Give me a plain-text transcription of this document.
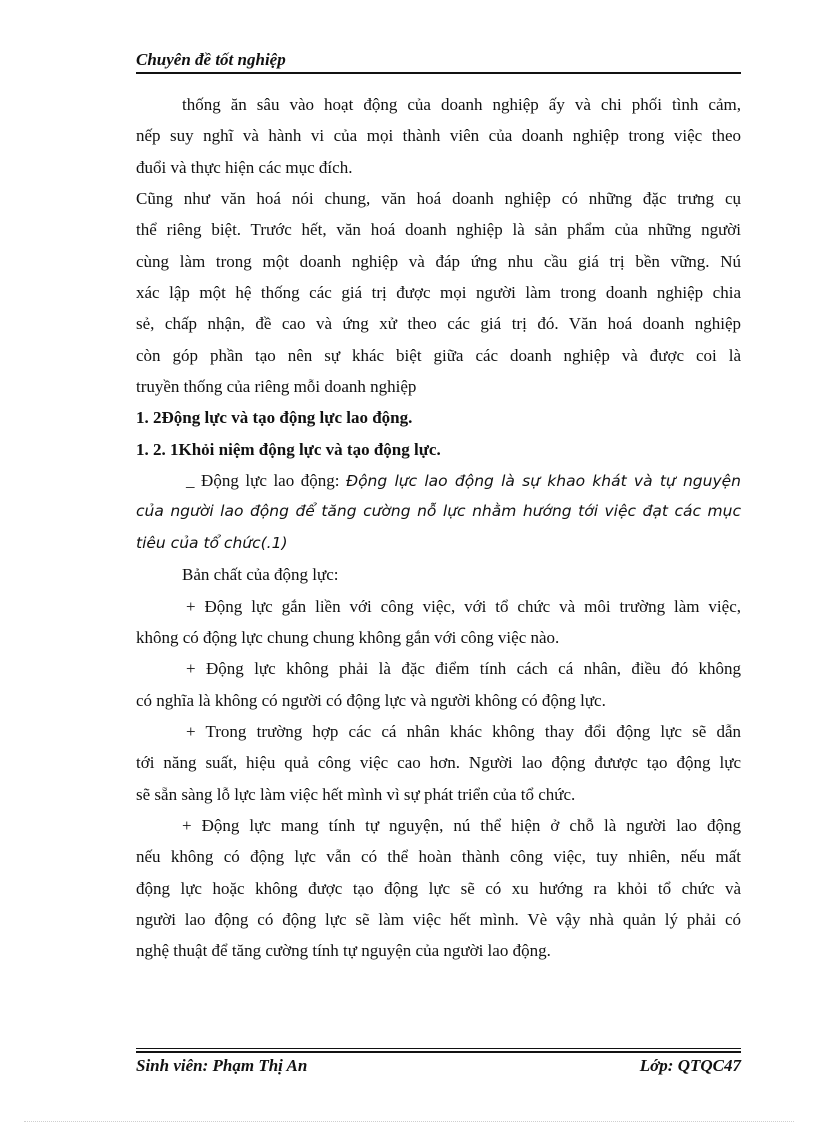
Chuyên đề tốt nghiệp
thống ăn sâu vào hoạt động của doanh nghiệp ấy và chi phối tình cảm,
nếp suy nghĩ và hành vi của mọi thành viên của doanh nghiệp trong việc theo
đuổi và thực hiện các mục đích.
Cũng như văn hoá nói chung, văn hoá doanh nghiệp có những đặc trưng cụ
thể riêng biệt. Trước hết, văn hoá doanh nghiệp là sản phẩm của những người
cùng làm trong một doanh nghiệp và đáp ứng nhu cầu giá trị bền vững. Nú
xác lập một hệ thống các giá trị được mọi người làm trong doanh nghiệp chia
sẻ, chấp nhận, đề cao và ứng xử theo các giá trị đó. Văn hoá doanh nghiệp
còn góp phần tạo nên sự khác biệt giữa các doanh nghiệp và được coi là
truyền thống của riêng mỗi doanh nghiệp
1. 2Động lực và tạo động lực lao động.
1. 2. 1Khỏi niệm động lực và tạo động lực.
_ Động lực lao động: Động lực lao động là sự khao khát và tự nguyện
của người lao động để tăng cường nỗ lực nhằm hướng tới việc đạt các mục
tiêu của tổ chức(.1)
Bản chất của động lực:
+ Động lực gắn liền với công việc, với tổ chức và môi trường làm việc,
không có động lực chung chung không gắn với công việc nào.
+ Động lực không phải là đặc điểm tính cách cá nhân, điều đó không
có nghĩa là không có người có động lực và người không có động lực.
+ Trong trường hợp các cá nhân khác không thay đổi động lực sẽ dẫn
tới năng suất, hiệu quả công việc cao hơn. Người lao động đưược tạo động lực
sẽ sẵn sàng lỗ lực làm việc hết mình vì sự phát triển của tổ chức.
+ Động lực mang tính tự nguyện, nú thể hiện ở chỗ là người lao động
nếu không có động lực vẫn có thể hoàn thành công việc, tuy nhiên, nếu mất
động lực hoặc không được tạo động lực sẽ có xu hướng ra khỏi tổ chức và
người lao động có động lực sẽ làm việc hết mình. Vè vậy nhà quản lý phải có
nghệ thuật để tăng cường tính tự nguyện của người lao động.
Sinh viên: Phạm Thị An	Lớp: QTQC47
